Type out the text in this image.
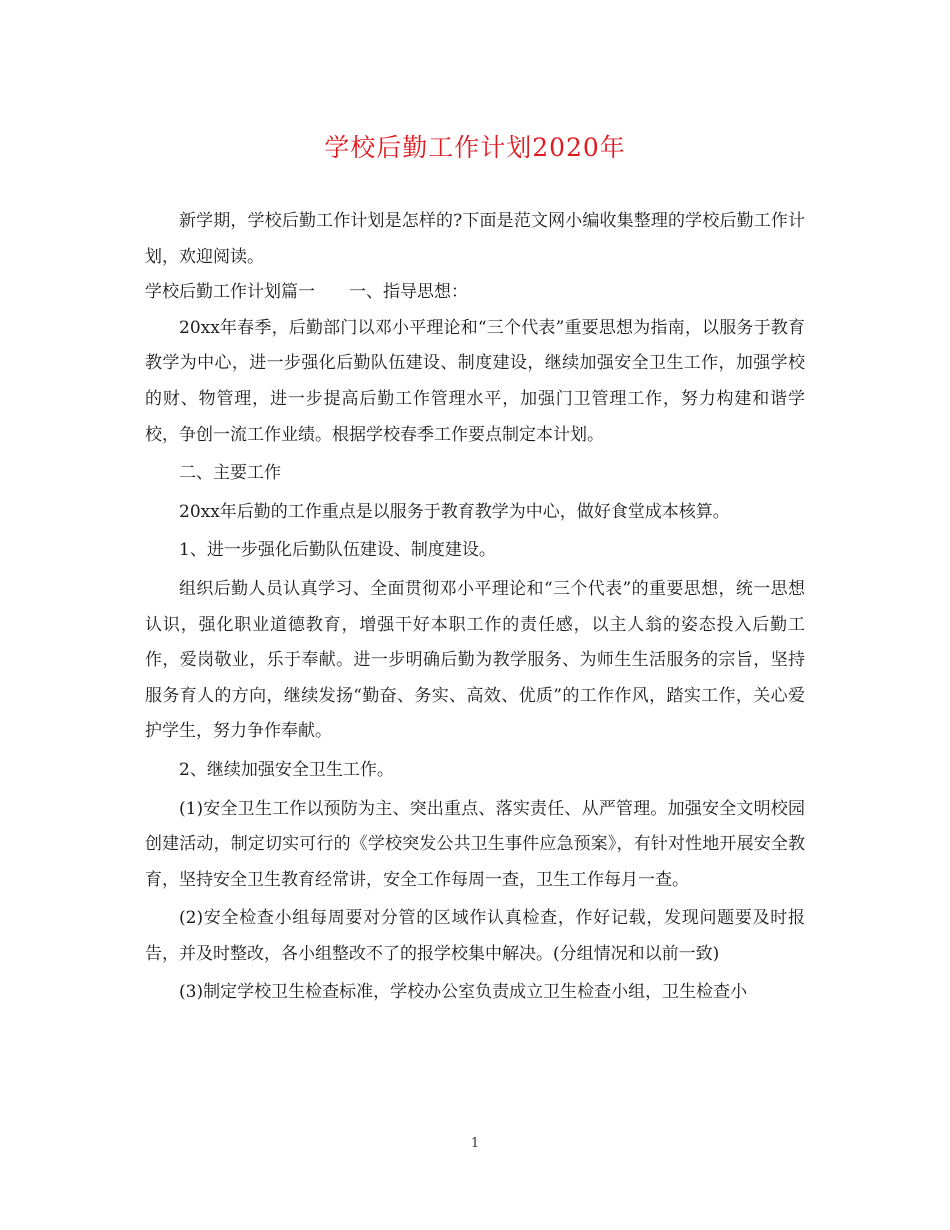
学校后勤工作计划2020年

新学期，学校后勤工作计划是怎样的?下面是范文网小编收集整理的学校后勤工作计划，欢迎阅读。

学校后勤工作计划篇一　　一、指导思想：

20xx年春季，后勤部门以邓小平理论和“三个代表”重要思想为指南，以服务于教育教学为中心，进一步强化后勤队伍建设、制度建设，继续加强安全卫生工作，加强学校的财、物管理，进一步提高后勤工作管理水平，加强门卫管理工作，努力构建和谐学校，争创一流工作业绩。根据学校春季工作要点制定本计划。

二、主要工作

20xx年后勤的工作重点是以服务于教育教学为中心，做好食堂成本核算。

1、进一步强化后勤队伍建设、制度建设。

组织后勤人员认真学习、全面贯彻邓小平理论和“三个代表”的重要思想，统一思想认识，强化职业道德教育，增强干好本职工作的责任感，以主人翁的姿态投入后勤工作，爱岗敬业，乐于奉献。进一步明确后勤为教学服务、为师生生活服务的宗旨，坚持服务育人的方向，继续发扬“勤奋、务实、高效、优质”的工作作风，踏实工作，关心爱护学生，努力争作奉献。

2、继续加强安全卫生工作。

(1)安全卫生工作以预防为主、突出重点、落实责任、从严管理。加强安全文明校园创建活动，制定切实可行的《学校突发公共卫生事件应急预案》，有针对性地开展安全教育，坚持安全卫生教育经常讲，安全工作每周一查，卫生工作每月一查。

(2)安全检查小组每周要对分管的区域作认真检查，作好记载，发现问题要及时报告，并及时整改，各小组整改不了的报学校集中解决。(分组情况和以前一致)

(3)制定学校卫生检查标准，学校办公室负责成立卫生检查小组，卫生检查小

1
